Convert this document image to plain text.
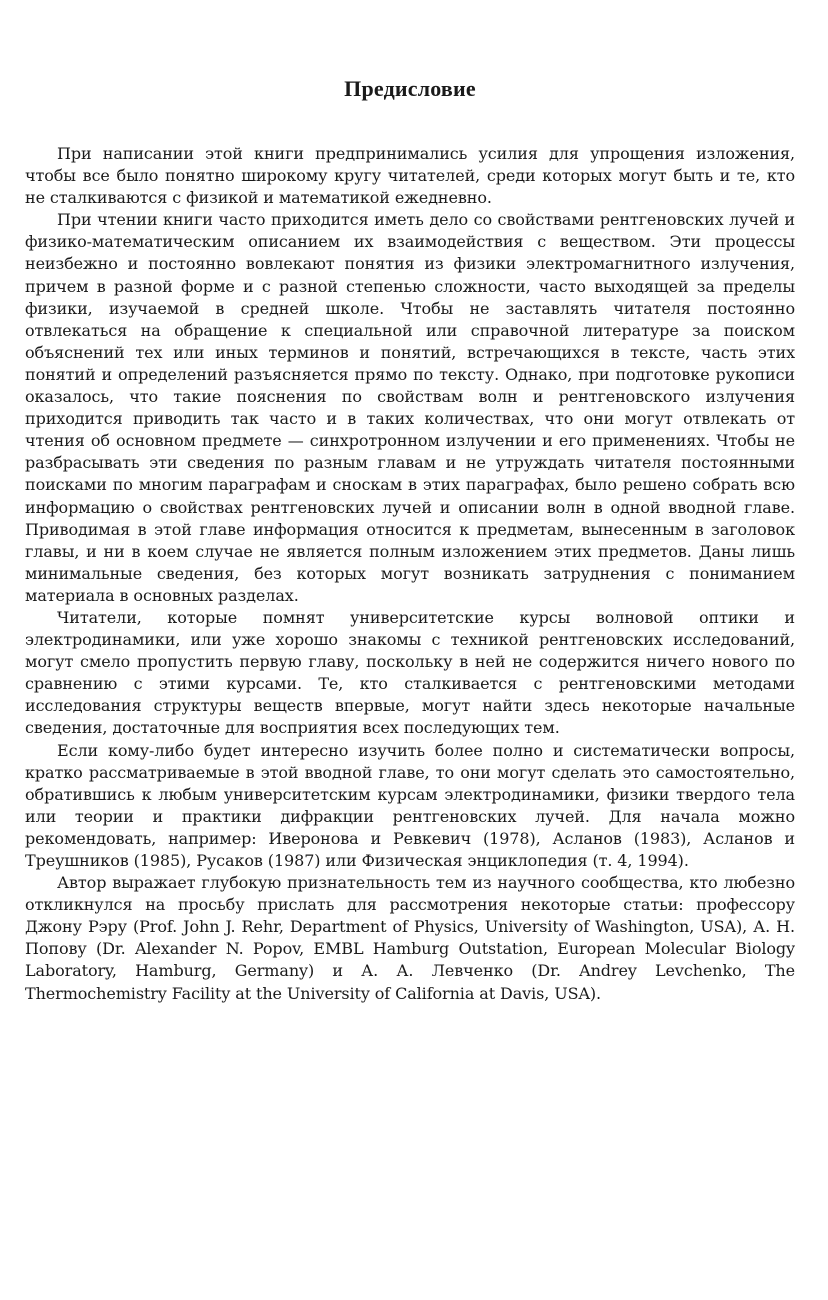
Предисловие

При написании этой книги предпринимались усилия для упрощения изложения, чтобы все было понятно широкому кругу читателей, среди которых могут быть и те, кто не сталкиваются с физикой и математикой ежедневно.

При чтении книги часто приходится иметь дело со свойствами рентгеновских лучей и физико-математическим описанием их взаимодействия с веществом. Эти процессы неизбежно и постоянно вовлекают понятия из физики электромагнитного излучения, причем в разной форме и с разной степенью сложности, часто выходящей за пределы физики, изучаемой в средней школе. Чтобы не заставлять читателя постоянно отвлекаться на обращение к специальной или справочной литературе за поиском объяснений тех или иных терминов и понятий, встречающихся в тексте, часть этих понятий и определений разъясняется прямо по тексту. Однако, при подготовке рукописи оказалось, что такие пояснения по свойствам волн и рентгеновского излучения приходится приводить так часто и в таких количествах, что они могут отвлекать от чтения об основном предмете — синхротронном излучении и его применениях. Чтобы не разбрасывать эти сведения по разным главам и не утруждать читателя постоянными поисками по многим параграфам и сноскам в этих параграфах, было решено собрать всю информацию о свойствах рентгеновских лучей и описании волн в одной вводной главе. Приводимая в этой главе информация относится к предметам, вынесенным в заголовок главы, и ни в коем случае не является полным изложением этих предметов. Даны лишь минимальные сведения, без которых могут возникать затруднения с пониманием материала в основных разделах.

Читатели, которые помнят университетские курсы волновой оптики и электродинамики, или уже хорошо знакомы с техникой рентгеновских исследований, могут смело пропустить первую главу, поскольку в ней не содержится ничего нового по сравнению с этими курсами. Те, кто сталкивается с рентгеновскими методами исследования структуры веществ впервые, могут найти здесь некоторые начальные сведения, достаточные для восприятия всех последующих тем.

Если кому-либо будет интересно изучить более полно и систематически вопросы, кратко рассматриваемые в этой вводной главе, то они могут сделать это самостоятельно, обратившись к любым университетским курсам электродинамики, физики твердого тела или теории и практики дифракции рентгеновских лучей. Для начала можно рекомендовать, например: Иверонова и Ревкевич (1978), Асланов (1983), Асланов и Треушников (1985), Русаков (1987) или Физическая энциклопедия (т. 4, 1994).

Автор выражает глубокую признательность тем из научного сообщества, кто любезно откликнулся на просьбу прислать для рассмотрения некоторые статьи: профессору Джону Рэру (Prof. John J. Rehr, Department of Physics, University of Washington, USA), А. Н. Попову (Dr. Alexander N. Popov, EMBL Hamburg Outstation, European Molecular Biology Laboratory, Hamburg, Germany) и А. А. Левченко (Dr. Andrey Levchenko, The Thermochemistry Facility at the University of California at Davis, USA).
